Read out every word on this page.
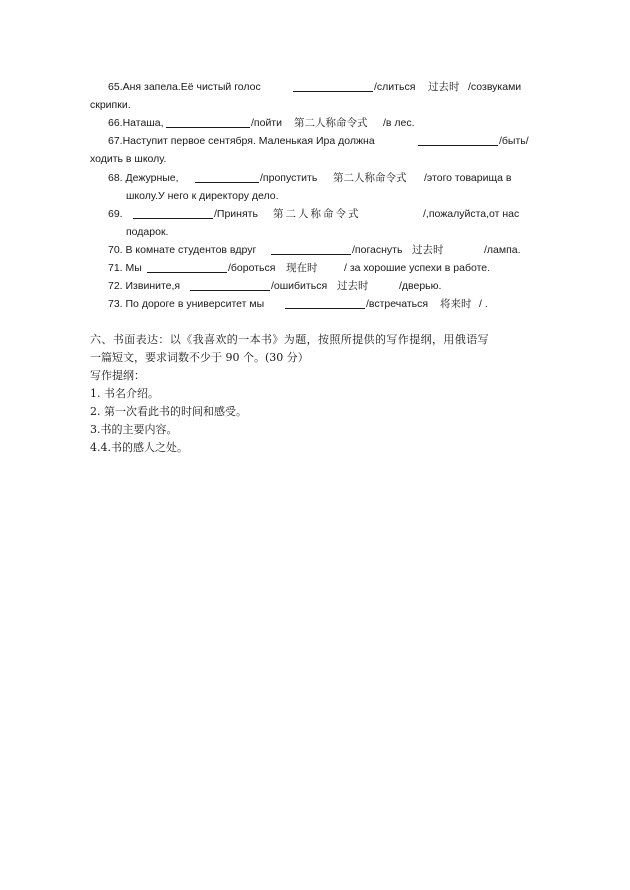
65.Аня запела.Её чистый голос	/слиться 过去时 /созвуками
скрипки.
66.Наташа,	/пойти 第二人称命令式 /в лес.
67.Наступит первое сентября. Маленькая Ира должна	/быть/
ходить в школу.
68. Дежурные,	/пропустить 第二人称命令式 /этого товарища в
школу.У него к директору дело.
69.	/Принять 第二人称命令式	/,пожалуйста,от нас
подарок.
70. В комнате студентов вдруг	/погаснуть 过去时	/лампа.
71. Мы	/бороться 现在时	/ за хорошие успехи в работе.
72. Извините,я	/ошибиться 过去时	/дверью.
73. По дороге в университет мы	/встречаться 将来时 / .
六、书面表达：以《我喜欢的一本书》为题，按照所提供的写作提纲，用俄语写
一篇短文，要求词数不少于 90 个。(30 分）
写作提纲：
1. 书名介绍。
2. 第一次看此书的时间和感受。
3.书的主要内容。
4.4.书的感人之处。
